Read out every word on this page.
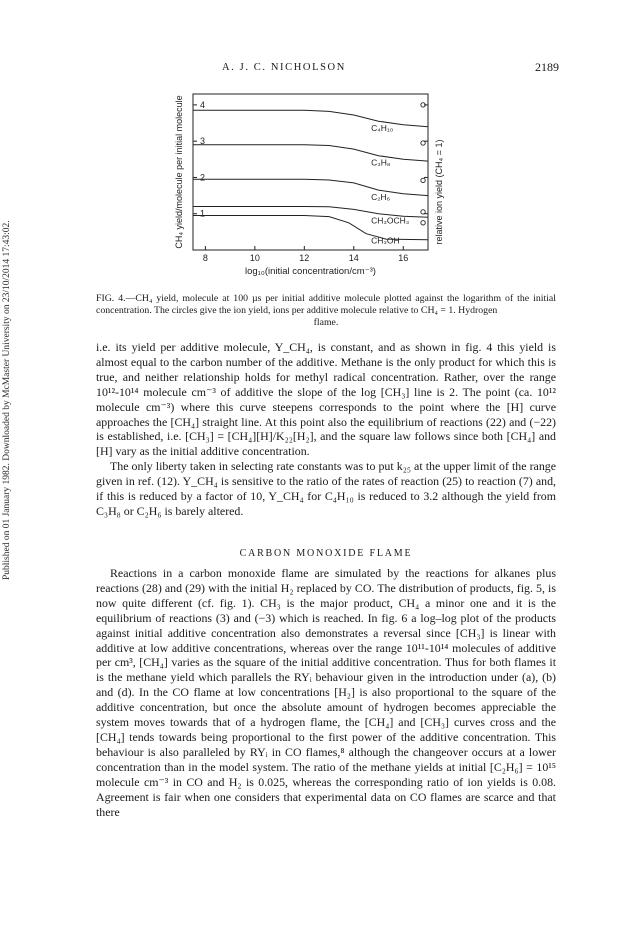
Published on 01 January 1982. Downloaded by McMaster University on 23/10/2014 17:43:02.
A. J. C. NICHOLSON	2189
8	10	12	14	16
1
2
3
4
C₄H₁₀
C₃H₈
C₂H₆
CH₃OCH₃
CH₃OH
log₁₀(initial concentration/cm⁻³)
CH₄ yield/molecule per initial molecule	relative ion yield (CH₄ = 1)
FIG. 4.—CH₄ yield, molecule at 100 µs per initial additive molecule plotted against the logarithm of the initial concentration. The circles give the ion yield, ions per additive molecule relative to CH₄ = 1. Hydrogen
flame.

i.e. its yield per additive molecule, Y_CH₄, is constant, and as shown in fig. 4 this yield is almost equal to the carbon number of the additive. Methane is the only product for which this is true, and neither relationship holds for methyl radical concentration. Rather, over the range 10¹²-10¹⁴ molecule cm⁻³ of additive the slope of the log [CH₃] line is 2. The point (ca. 10¹² molecule cm⁻³) where this curve steepens corresponds to the point where the [H] curve approaches the [CH₄] straight line. At this point also the equilibrium of reactions (22) and (−22) is established, i.e. [CH₃] = [CH₄][H]/K₂₂[H₂], and the square law follows since both [CH₄] and [H] vary as the initial additive concentration.

The only liberty taken in selecting rate constants was to put k₂₅ at the upper limit of the range given in ref. (12). Y_CH₄ is sensitive to the ratio of the rates of reaction (25) to reaction (7) and, if this is reduced by a factor of 10, Y_CH₄ for C₄H₁₀ is reduced to 3.2 although the yield from C₃H₈ or C₂H₆ is barely altered.

CARBON MONOXIDE FLAME

Reactions in a carbon monoxide flame are simulated by the reactions for alkanes plus reactions (28) and (29) with the initial H₂ replaced by CO. The distribution of products, fig. 5, is now quite different (cf. fig. 1). CH₃ is the major product, CH₄ a minor one and it is the equilibrium of reactions (3) and (−3) which is reached. In fig. 6 a log–log plot of the products against initial additive concentration also demonstrates a reversal since [CH₃] is linear with additive at low additive concentrations, whereas over the range 10¹¹-10¹⁴ molecules of additive per cm³, [CH₄] varies as the square of the initial additive concentration. Thus for both flames it is the methane yield which parallels the RYᵢ behaviour given in the introduction under (a), (b) and (d). In the CO flame at low concentrations [H₂] is also proportional to the square of the additive concentration, but once the absolute amount of hydrogen becomes appreciable the system moves towards that of a hydrogen flame, the [CH₄] and [CH₃] curves cross and the [CH₄] tends towards being proportional to the first power of the additive concentration. This behaviour is also paralleled by RYᵢ in CO flames,⁸ although the changeover occurs at a lower concentration than in the model system. The ratio of the methane yields at initial [C₂H₆] = 10¹⁵ molecule cm⁻³ in CO and H₂ is 0.025, whereas the corresponding ratio of ion yields is 0.08. Agreement is fair when one considers that experimental data on CO flames are scarce and that there
